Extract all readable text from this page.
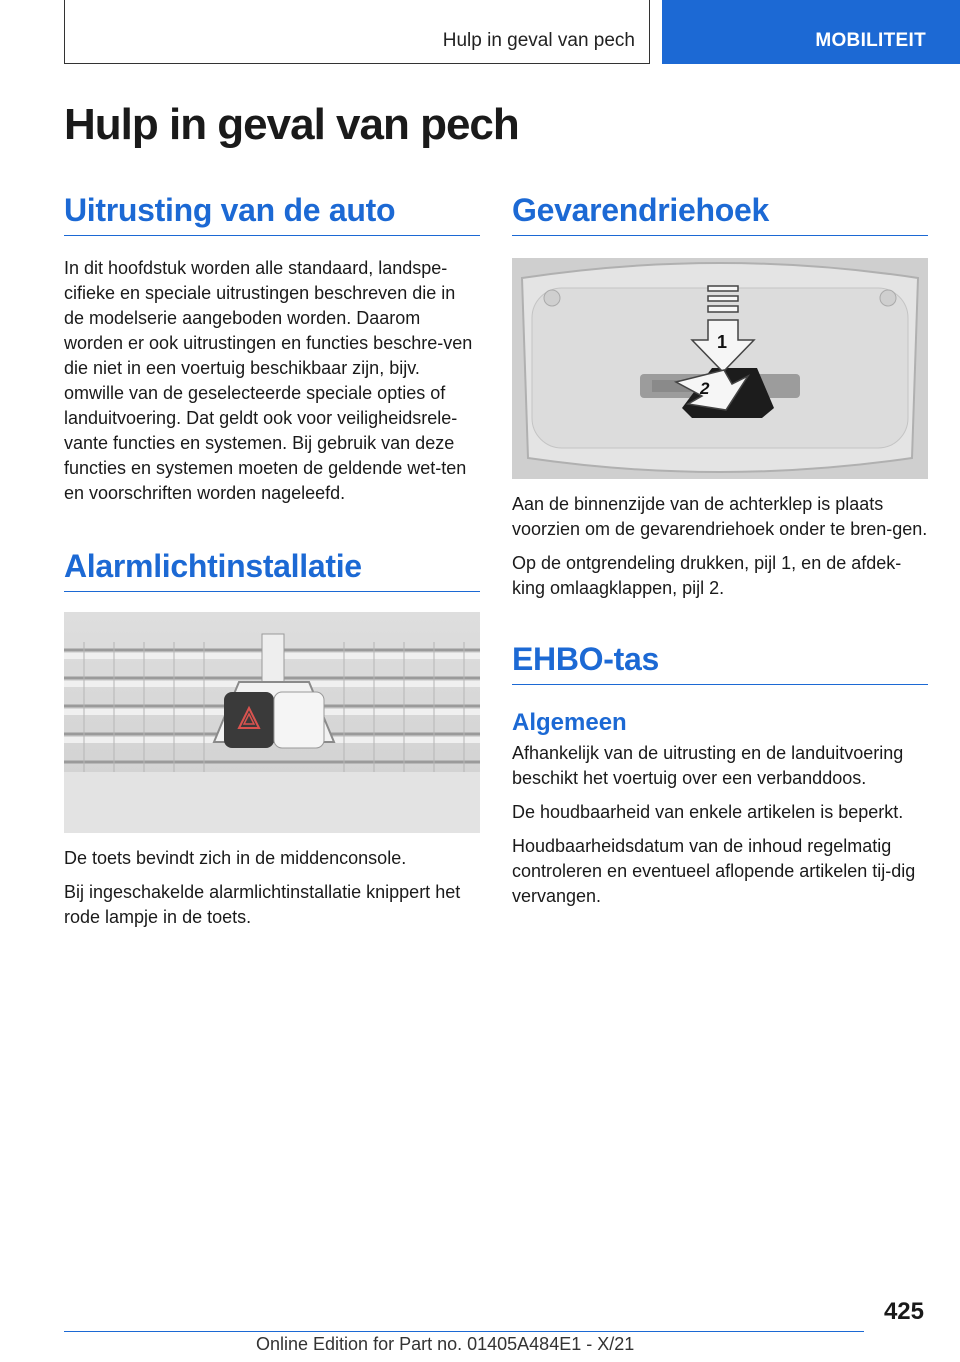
Hulp in geval van pech	MOBILITEIT
Hulp in geval van pech
Uitrusting van de auto

In dit hoofdstuk worden alle standaard, landspe-cifieke en speciale uitrustingen beschreven die in de modelserie aangeboden worden. Daarom worden er ook uitrustingen en functies beschre-ven die niet in een voertuig beschikbaar zijn, bijv. omwille van de geselecteerde speciale opties of landuitvoering. Dat geldt ook voor veiligheidsrele-vante functies en systemen. Bij gebruik van deze functies en systemen moeten de geldende wet-ten en voorschriften worden nageleefd.

Alarmlichtinstallatie

De toets bevindt zich in de middenconsole.

Bij ingeschakelde alarmlichtinstallatie knippert het rode lampje in de toets.

Gevarendriehoek
1
2

Aan de binnenzijde van de achterklep is plaats voorzien om de gevarendriehoek onder te bren-gen.

Op de ontgrendeling drukken, pijl 1, en de afdek-king omlaagklappen, pijl 2.

EHBO-tas
Algemeen

Afhankelijk van de uitrusting en de landuitvoering beschikt het voertuig over een verbanddoos.

De houdbaarheid van enkele artikelen is beperkt.

Houdbaarheidsdatum van de inhoud regelmatig controleren en eventueel aflopende artikelen tij-dig vervangen.

425
Online Edition for Part no. 01405A484E1 - X/21
